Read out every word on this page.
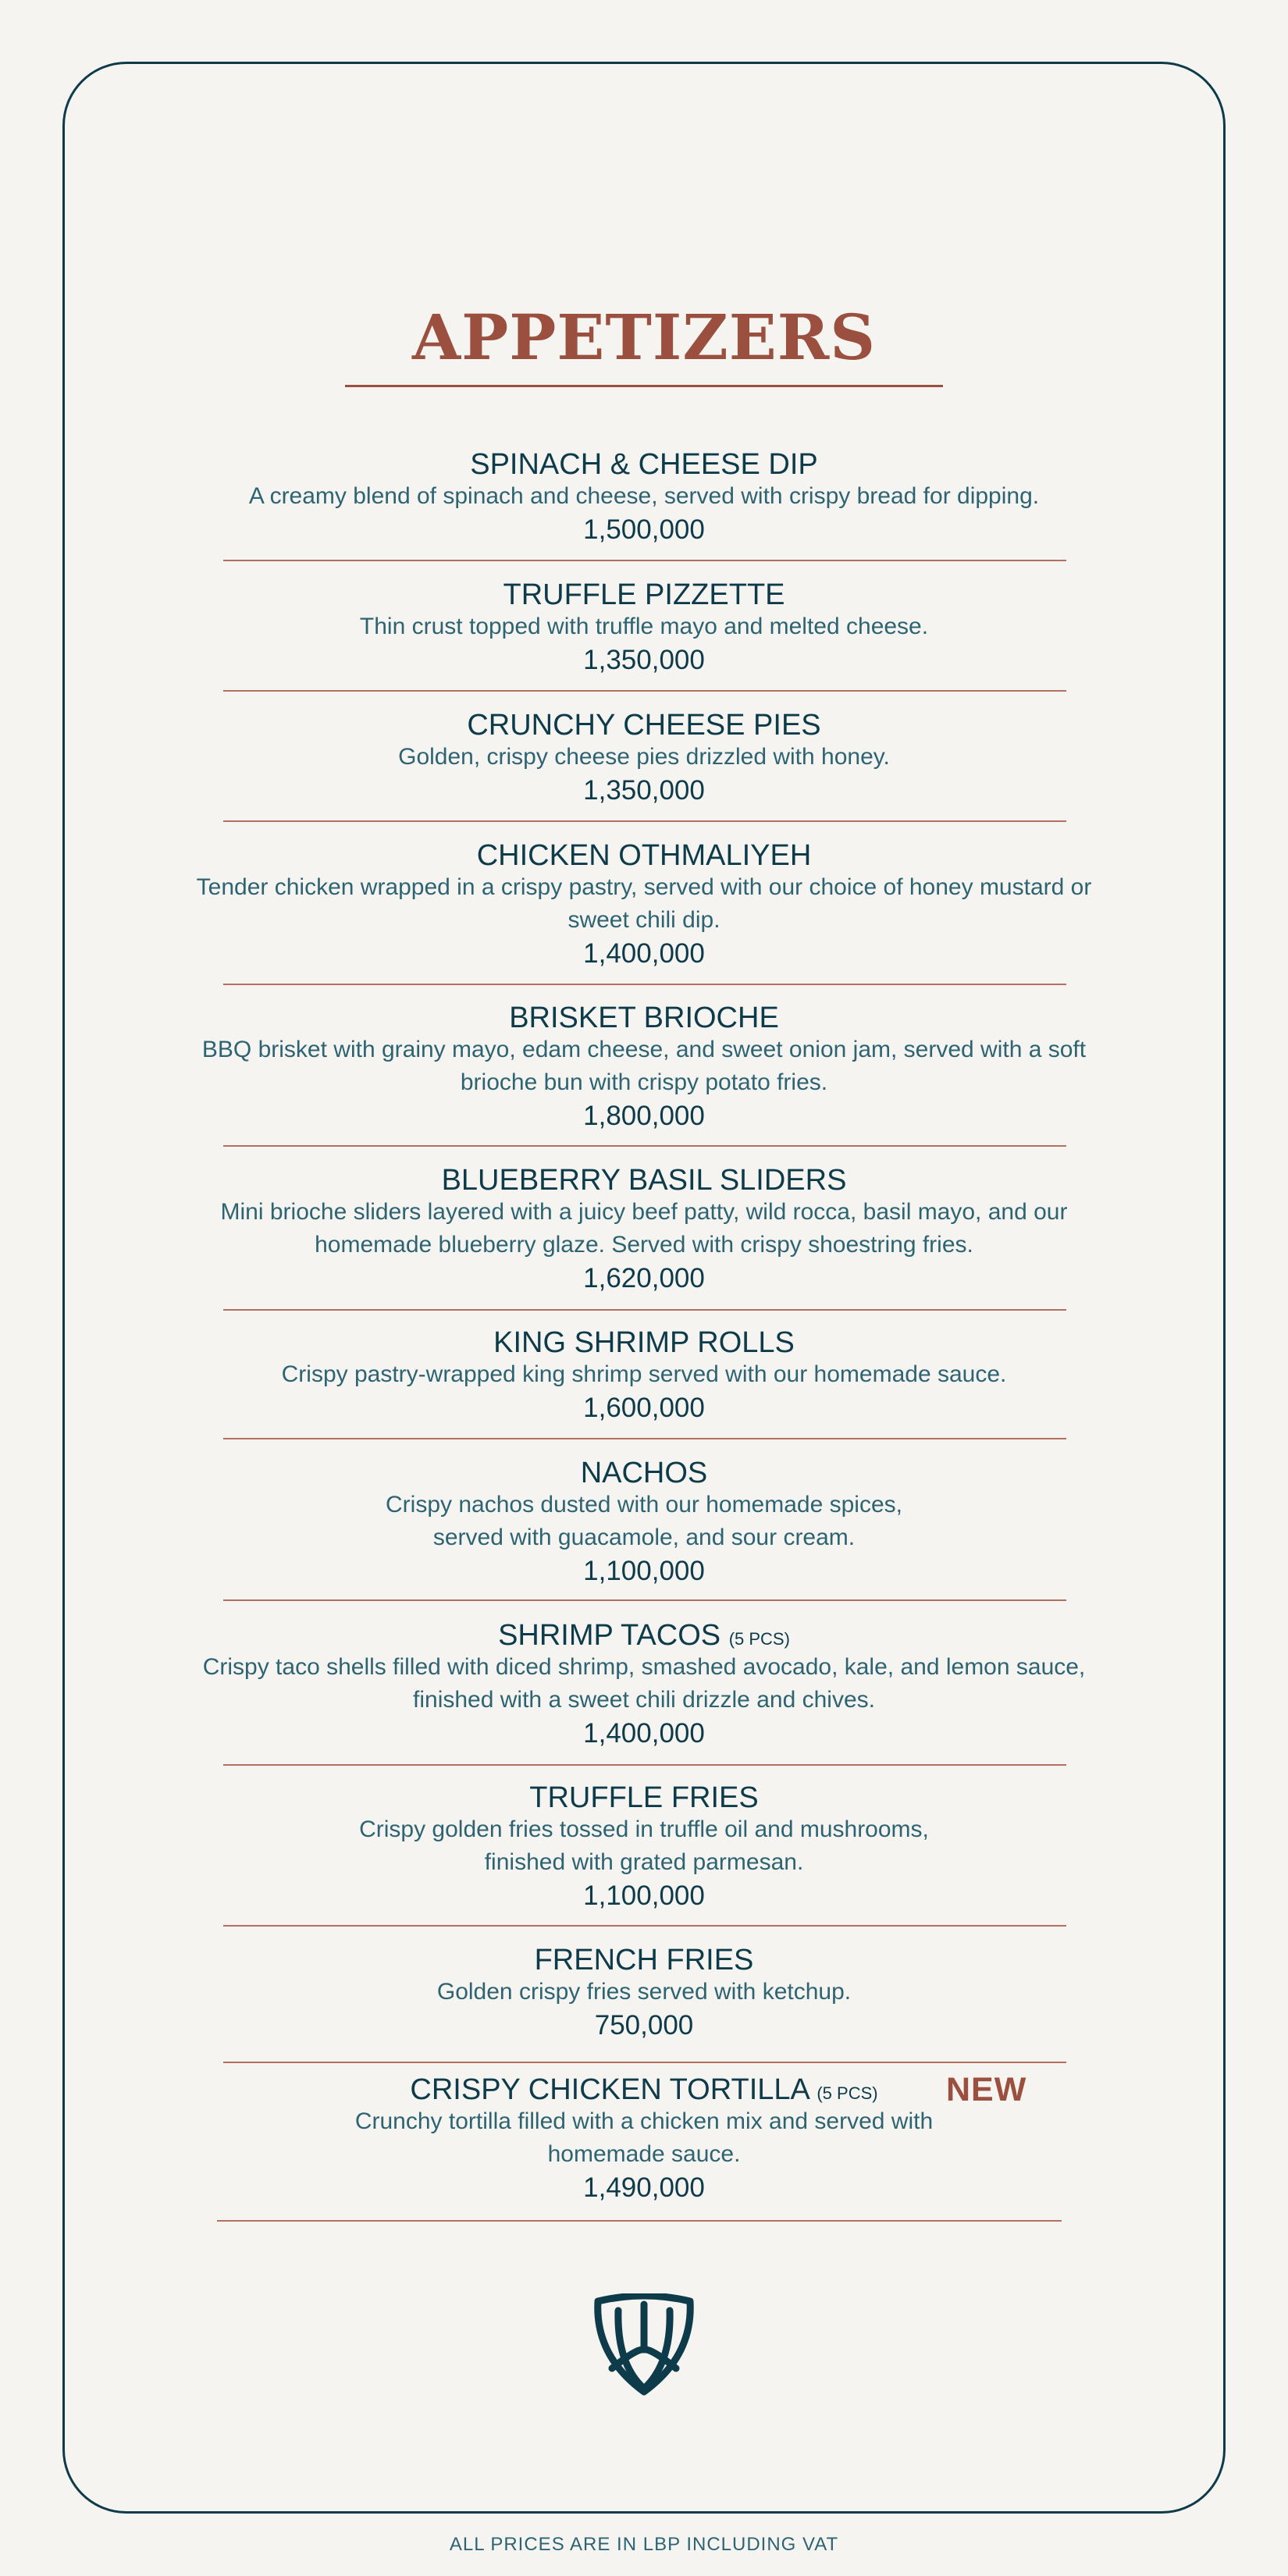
APPETIZERS
SPINACH & CHEESE DIP
A creamy blend of spinach and cheese, served with crispy bread for dipping.
1,500,000
TRUFFLE PIZZETTE
Thin crust topped with truffle mayo and melted cheese.
1,350,000
CRUNCHY CHEESE PIES
Golden, crispy cheese pies drizzled with honey.
1,350,000
CHICKEN OTHMALIYEH
Tender chicken wrapped in a crispy pastry, served with our choice of honey mustard or sweet chili dip.
1,400,000
BRISKET BRIOCHE
BBQ brisket with grainy mayo, edam cheese, and sweet onion jam, served with a soft brioche bun with crispy potato fries.
1,800,000
BLUEBERRY BASIL SLIDERS
Mini brioche sliders layered with a juicy beef patty, wild rocca, basil mayo, and our homemade blueberry glaze. Served with crispy shoestring fries.
1,620,000
KING SHRIMP ROLLS
Crispy pastry-wrapped king shrimp served with our homemade sauce.
1,600,000
NACHOS
Crispy nachos dusted with our homemade spices, served with guacamole, and sour cream.
1,100,000
SHRIMP TACOS (5 PCS)
Crispy taco shells filled with diced shrimp, smashed avocado, kale, and lemon sauce, finished with a sweet chili drizzle and chives.
1,400,000
TRUFFLE FRIES
Crispy golden fries tossed in truffle oil and mushrooms, finished with grated parmesan.
1,100,000
FRENCH FRIES
Golden crispy fries served with ketchup.
750,000
CRISPY CHICKEN TORTILLA (5 PCS)
Crunchy tortilla filled with a chicken mix and served with homemade sauce.
1,490,000
NEW
ALL PRICES ARE IN LBP INCLUDING VAT
